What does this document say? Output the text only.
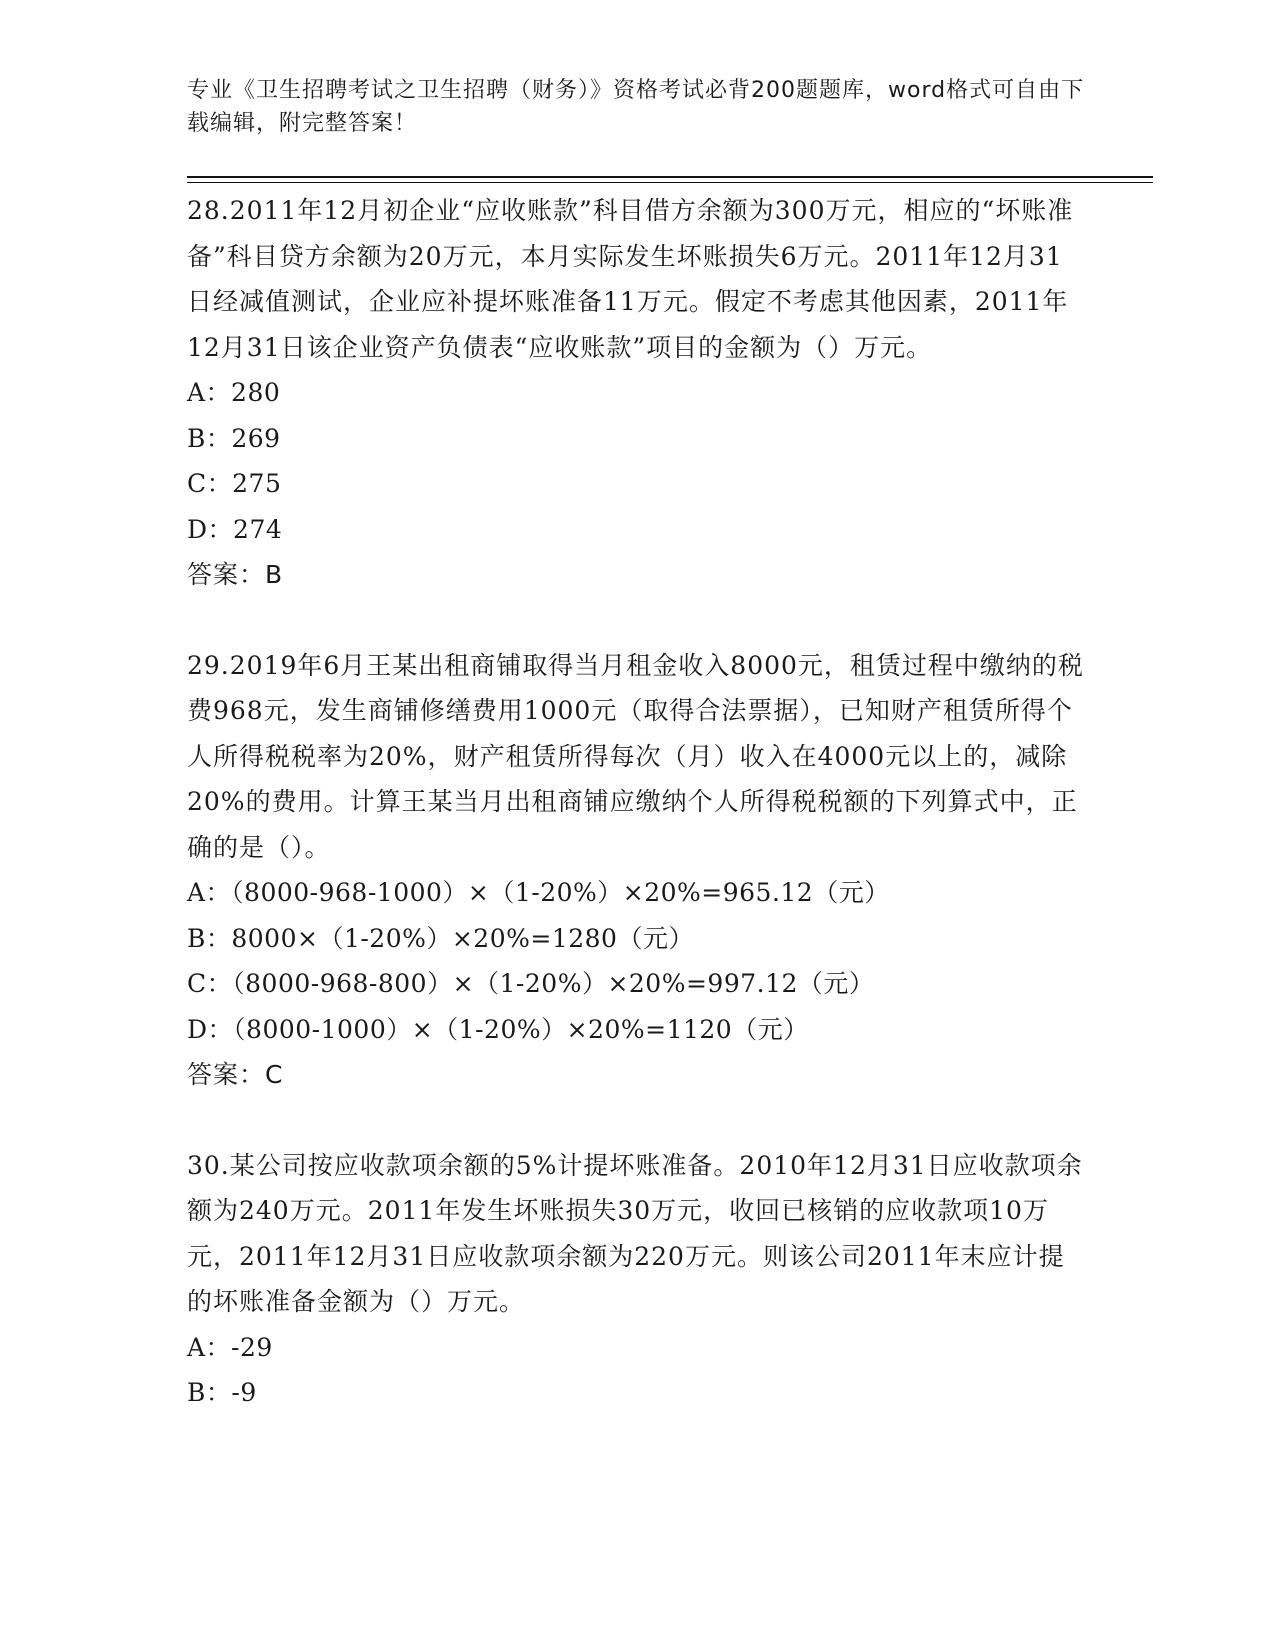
专业《卫生招聘考试之卫生招聘（财务）》资格考试必背200题题库，word格式可自由下载编辑，附完整答案！

28.2011年12月初企业“应收账款”科目借方余额为300万元，相应的“坏账准备”科目贷方余额为20万元，本月实际发生坏账损失6万元。2011年12月31日经减值测试，企业应补提坏账准备11万元。假定不考虑其他因素，2011年12月31日该企业资产负债表“应收账款”项目的金额为（）万元。

A：280

B：269

C：275

D：274

答案：B

29.2019年6月王某出租商铺取得当月租金收入8000元，租赁过程中缴纳的税费968元，发生商铺修缮费用1000元（取得合法票据），已知财产租赁所得个人所得税税率为20%，财产租赁所得每次（月）收入在4000元以上的，减除20%的费用。计算王某当月出租商铺应缴纳个人所得税税额的下列算式中，正确的是（）。

A：（8000-968-1000）×（1-20%）×20%=965.12（元）

B：8000×（1-20%）×20%=1280（元）

C：（8000-968-800）×（1-20%）×20%=997.12（元）

D：（8000-1000）×（1-20%）×20%=1120（元）

答案：C

30.某公司按应收款项余额的5%计提坏账准备。2010年12月31日应收款项余额为240万元。2011年发生坏账损失30万元，收回已核销的应收款项10万元，2011年12月31日应收款项余额为220万元。则该公司2011年末应计提的坏账准备金额为（）万元。

A：-29

B：-9
